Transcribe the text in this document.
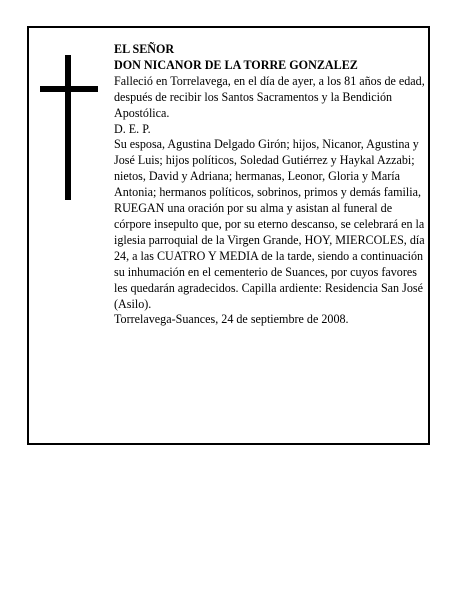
EL SEÑOR

DON NICANOR DE LA TORRE GONZALEZ

Falleció en Torrelavega, en el día de ayer, a los 81 años de edad,

después de recibir los Santos Sacramentos y la Bendición Apostólica.

D. E. P.

Su esposa, Agustina Delgado Girón; hijos, Nicanor, Agustina y José Luis; hijos políticos, Soledad Gutiérrez y Haykal Azzabi; nietos, David y Adriana; hermanas, Leonor, Gloria y María Antonia; hermanos políticos, sobrinos, primos y demás familia,

RUEGAN una oración por su alma y asistan al funeral de córpore insepulto que, por su eterno descanso, se celebrará en la iglesia parroquial de la Virgen Grande, HOY, MIERCOLES, día 24, a las CUATRO Y MEDIA de la tarde, siendo a continuación su inhumación en el cementerio de Suances, por cuyos favores les quedarán agradecidos. Capilla ardiente: Residencia San José (Asilo).

Torrelavega-Suances, 24 de septiembre de 2008.
